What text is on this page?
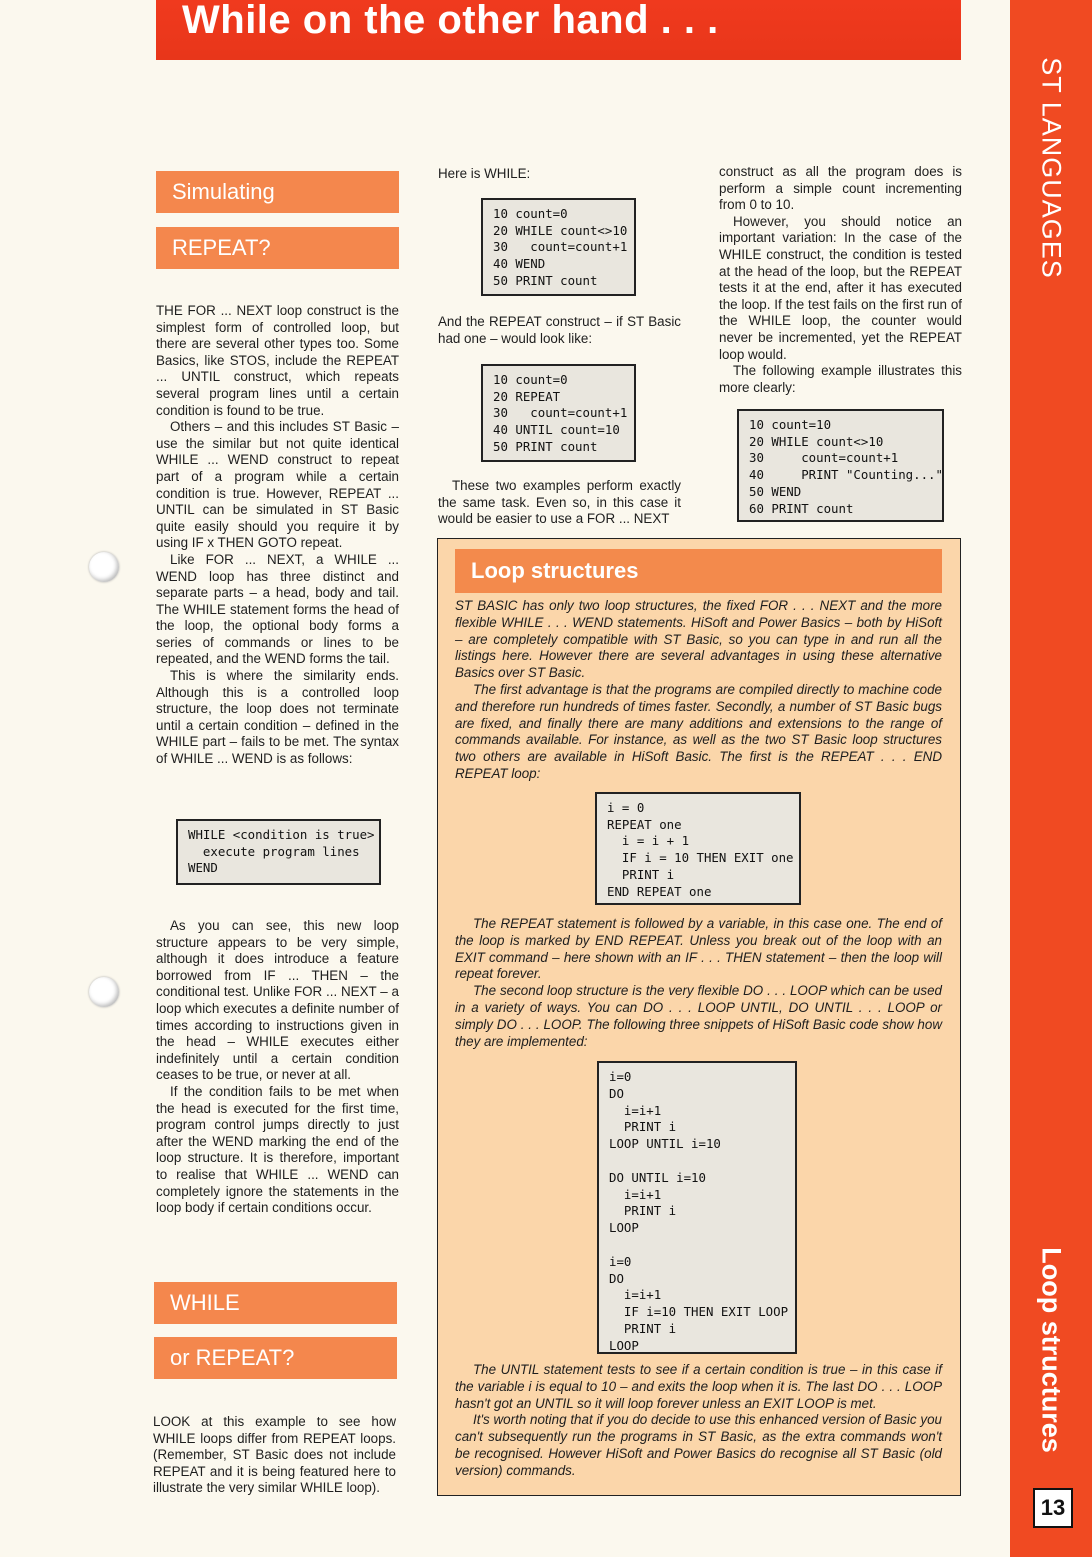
While on the other hand . . .
ST LANGUAGES
Loop structures
13
Simulating
REPEAT?

THE FOR ... NEXT loop construct is the simplest form of controlled loop, but there are several other types too. Some Basics, like STOS, include the REPEAT ... UNTIL construct, which repeats several program lines until a certain condition is found to be true.

Others – and this includes ST Basic – use the similar but not quite identical WHILE ... WEND construct to repeat part of a program while a certain condition is true. However, REPEAT ... UNTIL can be simulated in ST Basic quite easily should you require it by using IF x THEN GOTO repeat.

Like FOR ... NEXT, a WHILE ... WEND loop has three distinct and separate parts – a head, body and tail. The WHILE statement forms the head of the loop, the optional body forms a series of commands or lines to be repeated, and the WEND forms the tail.

This is where the similarity ends. Although this is a controlled loop structure, the loop does not terminate until a certain condition – defined in the WHILE part – fails to be met. The syntax of WHILE ... WEND is as follows:

WHILE <condition is true>
execute program lines
WEND

As you can see, this new loop structure appears to be very simple, although it does introduce a feature borrowed from IF ... THEN – the conditional test. Unlike FOR ... NEXT – a loop which executes a definite number of times according to instructions given in the head – WHILE executes either indefinitely until a certain condition ceases to be true, or never at all.

If the condition fails to be met when the head is executed for the first time, program control jumps directly to just after the WEND marking the end of the loop structure. It is therefore, important to realise that WHILE ... WEND can completely ignore the statements in the loop body if certain conditions occur.

WHILE
or REPEAT?

LOOK at this example to see how WHILE loops differ from REPEAT loops. (Remember, ST Basic does not include REPEAT and it is being featured here to illustrate the very similar WHILE loop).

Here is WHILE:

10 count=0
20 WHILE count<>10
30   count=count+1
40 WEND
50 PRINT count

And the REPEAT construct – if ST Basic had one – would look like:

10 count=0
20 REPEAT
30   count=count+1
40 UNTIL count=10
50 PRINT count

These two examples perform exactly the same task. Even so, in this case it would be easier to use a FOR ... NEXT

construct as all the program does is perform a simple count incrementing from 0 to 10.

However, you should notice an important variation: In the case of the WHILE construct, the condition is tested at the head of the loop, but the REPEAT tests it at the end, after it has executed the loop. If the test fails on the first run of the WHILE loop, the counter would never be incremented, yet the REPEAT loop would.

The following example illustrates this more clearly:

10 count=10
20 WHILE count<>10
30     count=count+1
40     PRINT "Counting..."
50 WEND
60 PRINT count
Loop structures

ST BASIC has only two loop structures, the fixed FOR . . . NEXT and the more flexible WHILE . . . WEND statements. HiSoft and Power Basics – both by HiSoft – are completely compatible with ST Basic, so you can type in and run all the listings here. However there are several advantages in using these alternative Basics over ST Basic.

The first advantage is that the programs are compiled directly to machine code and therefore run hundreds of times faster. Secondly, a number of ST Basic bugs are fixed, and finally there are many additions and extensions to the range of commands available. For instance, as well as the two ST Basic loop structures two others are available in HiSoft Basic. The first is the REPEAT . . . END REPEAT loop:

i = 0
REPEAT one
i = i + 1
IF i = 10 THEN EXIT one
PRINT i
END REPEAT one

The REPEAT statement is followed by a variable, in this case one. The end of the loop is marked by END REPEAT. Unless you break out of the loop with an EXIT command – here shown with an IF . . . THEN statement – then the loop will repeat forever.

The second loop structure is the very flexible DO . . . LOOP which can be used in a variety of ways. You can DO . . . LOOP UNTIL, DO UNTIL . . . LOOP or simply DO . . . LOOP. The following three snippets of HiSoft Basic code show how they are implemented:

i=0
DO
i=i+1
PRINT i
LOOP UNTIL i=10

DO UNTIL i=10
i=i+1
PRINT i
LOOP

i=0
DO
i=i+1
IF i=10 THEN EXIT LOOP
PRINT i
LOOP

The UNTIL statement tests to see if a certain condition is true – in this case if the variable i is equal to 10 – and exits the loop when it is. The last DO . . . LOOP hasn't got an UNTIL so it will loop forever unless an EXIT LOOP is met.

It's worth noting that if you do decide to use this enhanced version of Basic you can't subsequently run the programs in ST Basic, as the extra commands won't be recognised. However HiSoft and Power Basics do recognise all ST Basic (old version) commands.
